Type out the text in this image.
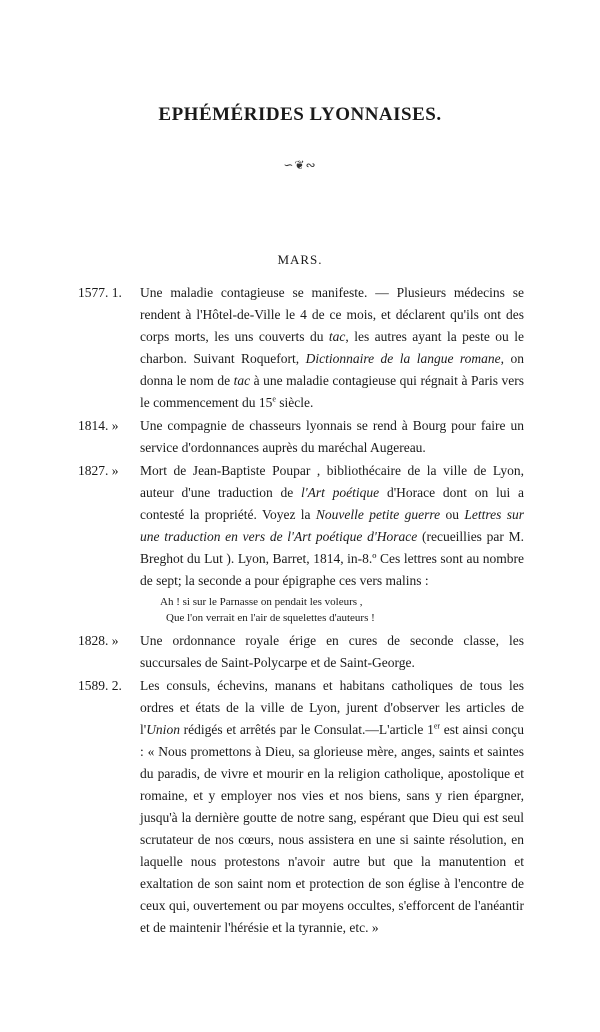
EPHÉMÉRIDES LYONNAISES.
∽❦∾
MARS.
1577. 1.	Une maladie contagieuse se manifeste. — Plusieurs médecins se rendent à l'Hôtel-de-Ville le 4 de ce mois, et déclarent qu'ils ont des corps morts, les uns couverts du tac, les autres ayant la peste ou le charbon. Suivant Roquefort, Dictionnaire de la langue romane, on donna le nom de tac à une maladie contagieuse qui régnait à Paris vers le commencement du 15e siècle.
1814. »	Une compagnie de chasseurs lyonnais se rend à Bourg pour faire un service d'ordonnances auprès du maréchal Augereau.
1827. »	Mort de Jean-Baptiste Poupar , bibliothécaire de la ville de Lyon, auteur d'une traduction de l'Art poétique d'Horace dont on lui a contesté la propriété. Voyez la Nouvelle petite guerre ou Lettres sur une traduction en vers de l'Art poétique d'Horace (recueillies par M. Breghot du Lut ). Lyon, Barret, 1814, in-8.º Ces lettres sont au nombre de sept; la seconde a pour épigraphe ces vers malins :
Ah ! si sur le Parnasse on pendait les voleurs ,
Que l'on verrait en l'air de squelettes d'auteurs !
1828. »	Une ordonnance royale érige en cures de seconde classe, les succursales de Saint-Polycarpe et de Saint-George.
1589. 2.	Les consuls, échevins, manans et habitans catholiques de tous les ordres et états de la ville de Lyon, jurent d'observer les articles de l'Union rédigés et arrêtés par le Consulat.—L'article 1er est ainsi conçu : « Nous promettons à Dieu, sa glorieuse mère, anges, saints et saintes du paradis, de vivre et mourir en la religion catholique, apostolique et romaine, et y employer nos vies et nos biens, sans y rien épargner, jusqu'à la dernière goutte de notre sang, espérant que Dieu qui est seul scrutateur de nos cœurs, nous assistera en une si sainte résolution, en laquelle nous protestons n'avoir autre but que la manutention et exaltation de son saint nom et protection de son église à l'encontre de ceux qui, ouvertement ou par moyens occultes, s'efforcent de l'anéantir et de maintenir l'hérésie et la tyrannie, etc. »
